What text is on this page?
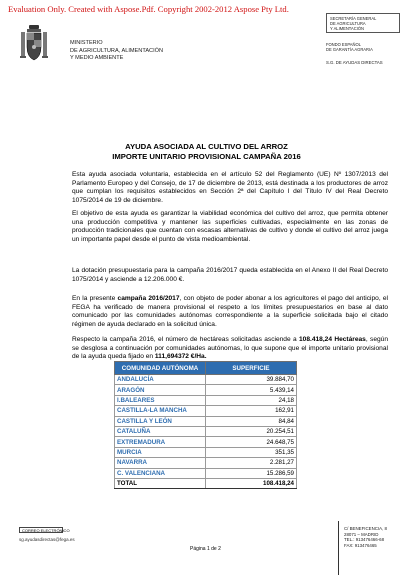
Evaluation Only. Created with Aspose.Pdf. Copyright 2002-2012 Aspose Pty Ltd.
MINISTERIO
DE AGRICULTURA, ALIMENTACIÓN
Y MEDIO AMBIENTE
SECRETARÍA GENERAL
DE AGRICULTURA
Y ALIMENTACIÓN
FONDO ESPAÑOL
DE GARANTÍA AGRARIA
S.G. DE AYUDAS DIRECTAS
AYUDA ASOCIADA AL CULTIVO DEL ARROZ
IMPORTE UNITARIO PROVISIONAL CAMPAÑA 2016
Esta ayuda asociada voluntaria, establecida en el artículo 52 del Reglamento (UE) Nº 1307/2013 del Parlamento Europeo y del Consejo, de 17 de diciembre de 2013, está destinada a los productores de arroz que cumplan los requisitos establecidos en Sección 2ª del Capítulo I del Título IV del Real Decreto 1075/2014 de 19 de diciembre.
El objetivo de esta ayuda es garantizar la viabilidad económica del cultivo del arroz, que permita obtener una producción competitiva y mantener las superficies cultivadas, especialmente en las zonas de producción tradicionales que cuentan con escasas alternativas de cultivo y donde el cultivo del arroz juega un importante papel desde el punto de vista medioambiental.
La dotación presupuestaria para la campaña 2016/2017 queda establecida en el Anexo II del Real Decreto 1075/2014 y asciende a 12.206.000 €.
En la presente campaña 2016/2017, con objeto de poder abonar a los agricultores el pago del anticipo, el FEGA ha verificado de manera provisional el respeto a los límites presupuestarios en base al dato comunicado por las comunidades autónomas correspondiente a la superficie solicitada bajo el citado régimen de ayuda declarado en la solicitud única.
Respecto la campaña 2016, el número de hectáreas solicitadas asciende a 108.418,24 Hectáreas, según se desglosa a continuación por comunidades autónomas, lo que supone que el importe unitario provisional de la ayuda queda fijado en 111,694372 €/Ha.
COMUNIDAD AUTÓNOMA	SUPERFICIE
ANDALUCÍA	39.884,70
ARAGÓN	5.439,14
I.BALEARES	24,18
CASTILLA-LA MANCHA	162,91
CASTILLA Y LEÓN	84,84
CATALUÑA	20.254,51
EXTREMADURA	24.648,75
MURCIA	351,35
NAVARRA	2.281,27
C. VALENCIANA	15.286,59
TOTAL	108.418,24
CORREO ELECTRÓNICO
sg.ayudasdirectas@fega.es
Página 1 de 2
C/ BENEFICENCIA, 8
28071 – MADRID
TEL.: 913476466-68
FAX: 913476465
